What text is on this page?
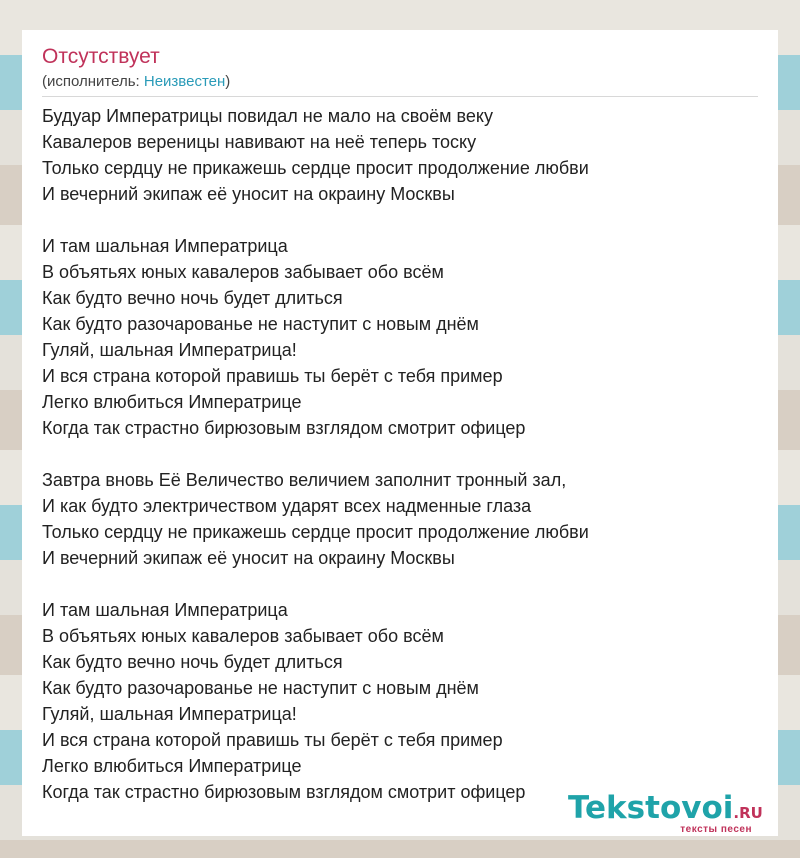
Отсутствует
(исполнитель: Неизвестен)
Будуар Императрицы повидал не мало на своём веку
Кавалеров вереницы навивают на неё теперь тоску
Только сердцу не прикажешь сердце просит продолжение любви
И вечерний экипаж её уносит на окраину Москвы
И там шальная Императрица
В объятьях юных кавалеров забывает обо всём
Как будто вечно ночь будет длиться
Как будто разочарованье не наступит с новым днём
Гуляй, шальная Императрица!
И вся страна которой правишь ты берёт с тебя пример
Легко влюбиться Императрице
Когда так страстно бирюзовым взглядом смотрит офицер
Завтра вновь Её Величество величием заполнит тронный зал,
И как будто электричеством ударят всех надменные глаза
Только сердцу не прикажешь сердце просит продолжение любви
И вечерний экипаж её уносит на окраину Москвы
И там шальная Императрица
В объятьях юных кавалеров забывает обо всём
Как будто вечно ночь будет длиться
Как будто разочарованье не наступит с новым днём
Гуляй, шальная Императрица!
И вся страна которой правишь ты берёт с тебя пример
Легко влюбиться Императрице
Когда так страстно бирюзовым взглядом смотрит офицер	Tekstovoi.RU
тексты песен
